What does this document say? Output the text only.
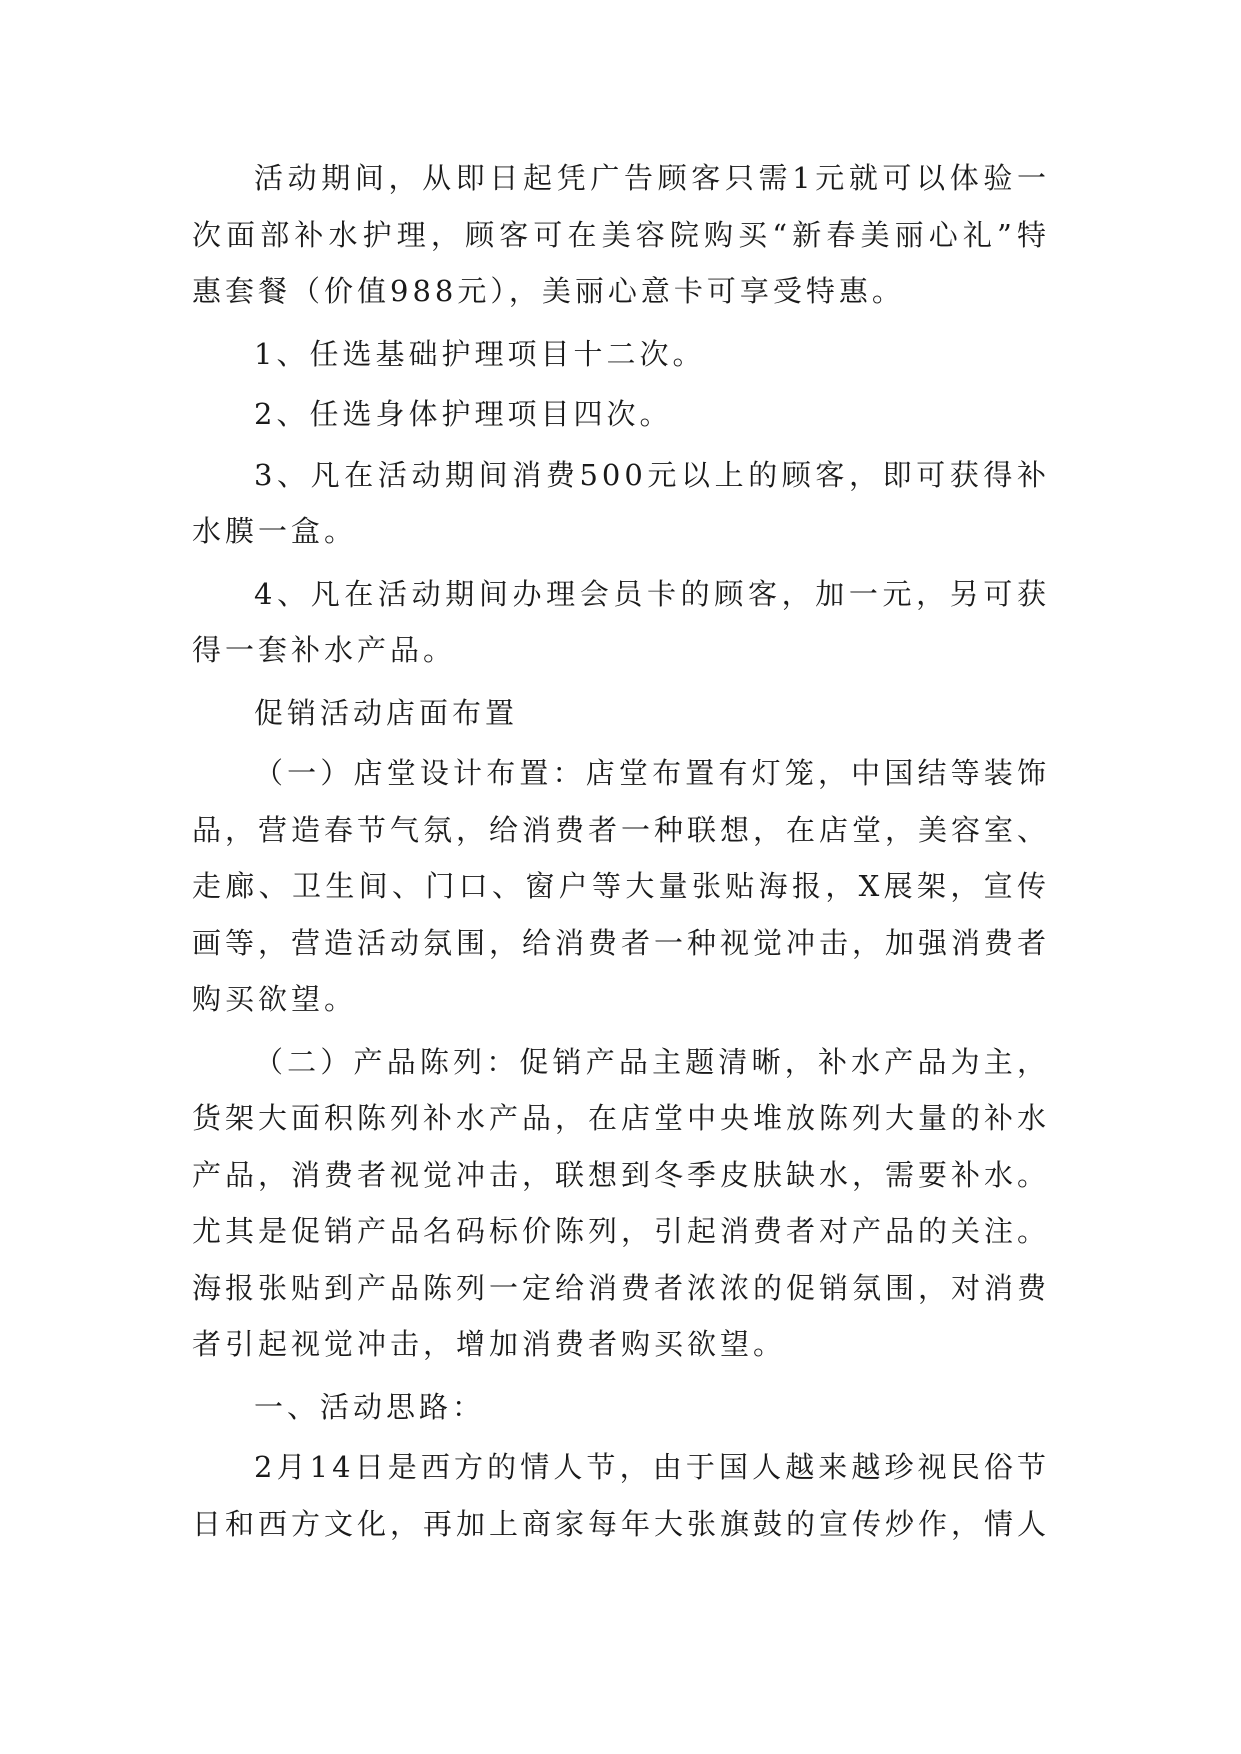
活动期间，从即日起凭广告顾客只需1元就可以体验一次面部补水护理，顾客可在美容院购买“新春美丽心礼”特惠套餐（价值988元），美丽心意卡可享受特惠。

1、任选基础护理项目十二次。

2、任选身体护理项目四次。

3、凡在活动期间消费500元以上的顾客，即可获得补水膜一盒。

4、凡在活动期间办理会员卡的顾客，加一元，另可获得一套补水产品。

促销活动店面布置

（一）店堂设计布置：店堂布置有灯笼，中国结等装饰品，营造春节气氛，给消费者一种联想，在店堂，美容室、走廊、卫生间、门口、窗户等大量张贴海报，X展架，宣传画等，营造活动氛围，给消费者一种视觉冲击，加强消费者购买欲望。

（二）产品陈列：促销产品主题清晰，补水产品为主，货架大面积陈列补水产品，在店堂中央堆放陈列大量的补水产品，消费者视觉冲击，联想到冬季皮肤缺水，需要补水。尤其是促销产品名码标价陈列，引起消费者对产品的关注。海报张贴到产品陈列一定给消费者浓浓的促销氛围，对消费者引起视觉冲击，增加消费者购买欲望。

一、活动思路：

2月14日是西方的情人节，由于国人越来越珍视民俗节日和西方文化，再加上商家每年大张旗鼓的宣传炒作，情人
